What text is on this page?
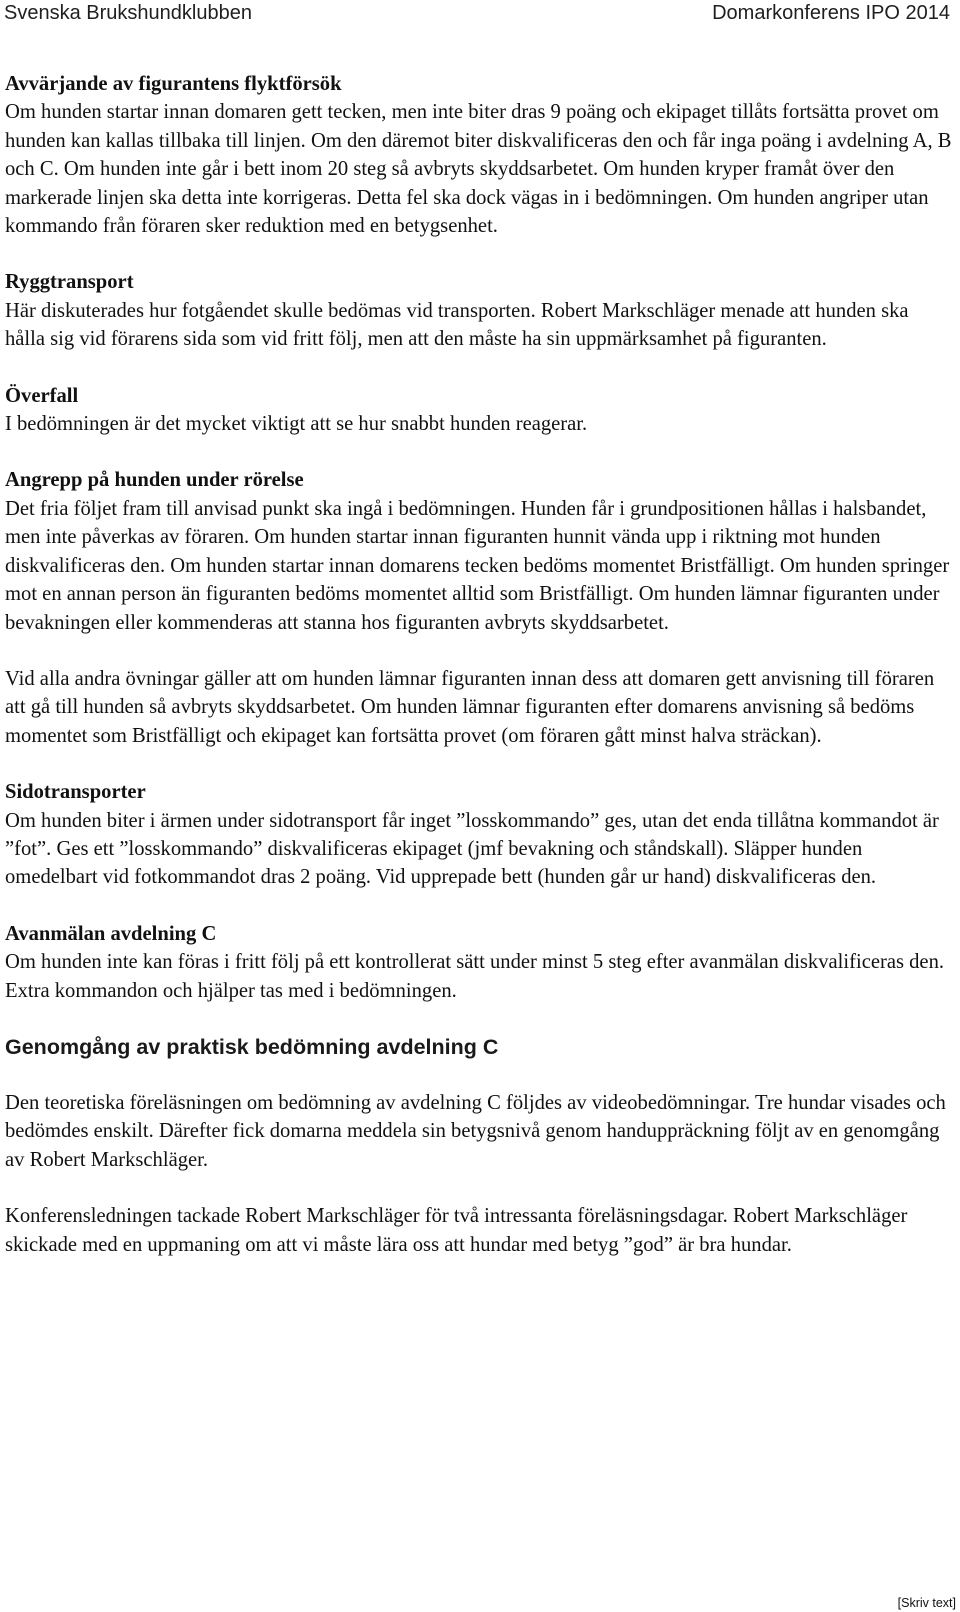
Svenska Brukshundklubben	Domarkonferens IPO 2014
Avvärjande av figurantens flyktförsök

Om hunden startar innan domaren gett tecken, men inte biter dras 9 poäng och ekipaget tillåts fortsätta provet om hunden kan kallas tillbaka till linjen. Om den däremot biter diskvalificeras den och får inga poäng i avdelning A, B och C. Om hunden inte går i bett inom 20 steg så avbryts skyddsarbetet. Om hunden kryper framåt över den markerade linjen ska detta inte korrigeras. Detta fel ska dock vägas in i bedömningen. Om hunden angriper utan kommando från föraren sker reduktion med en betygsenhet.

Ryggtransport

Här diskuterades hur fotgåendet skulle bedömas vid transporten. Robert Markschläger menade att hunden ska hålla sig vid förarens sida som vid fritt följ, men att den måste ha sin uppmärksamhet på figuranten.

Överfall

I bedömningen är det mycket viktigt att se hur snabbt hunden reagerar.

Angrepp på hunden under rörelse

Det fria följet fram till anvisad punkt ska ingå i bedömningen. Hunden får i grundpositionen hållas i halsbandet, men inte påverkas av föraren. Om hunden startar innan figuranten hunnit vända upp i riktning mot hunden diskvalificeras den. Om hunden startar innan domarens tecken bedöms momentet Bristfälligt. Om hunden springer mot en annan person än figuranten bedöms momentet alltid som Bristfälligt. Om hunden lämnar figuranten under bevakningen eller kommenderas att stanna hos figuranten avbryts skyddsarbetet.

Vid alla andra övningar gäller att om hunden lämnar figuranten innan dess att domaren gett anvisning till föraren att gå till hunden så avbryts skyddsarbetet. Om hunden lämnar figuranten efter domarens anvisning så bedöms momentet som Bristfälligt och ekipaget kan fortsätta provet (om föraren gått minst halva sträckan).

Sidotransporter

Om hunden biter i ärmen under sidotransport får inget ”losskommando” ges, utan det enda tillåtna kommandot är ”fot”. Ges ett ”losskommando” diskvalificeras ekipaget (jmf bevakning och ståndskall). Släpper hunden omedelbart vid fotkommandot dras 2 poäng. Vid upprepade bett (hunden går ur hand) diskvalificeras den.

Avanmälan avdelning C

Om hunden inte kan föras i fritt följ på ett kontrollerat sätt under minst 5 steg efter avanmälan diskvalificeras den. Extra kommandon och hjälper tas med i bedömningen.

Genomgång av praktisk bedömning avdelning C

Den teoretiska föreläsningen om bedömning av avdelning C följdes av videobedömningar. Tre hundar visades och bedömdes enskilt. Därefter fick domarna meddela sin betygsnivå genom handuppräckning följt av en genomgång av Robert Markschläger.

Konferensledningen tackade Robert Markschläger för två intressanta föreläsningsdagar. Robert Markschläger skickade med en uppmaning om att vi måste lära oss att hundar med betyg ”god” är bra hundar.

[Skriv text]
